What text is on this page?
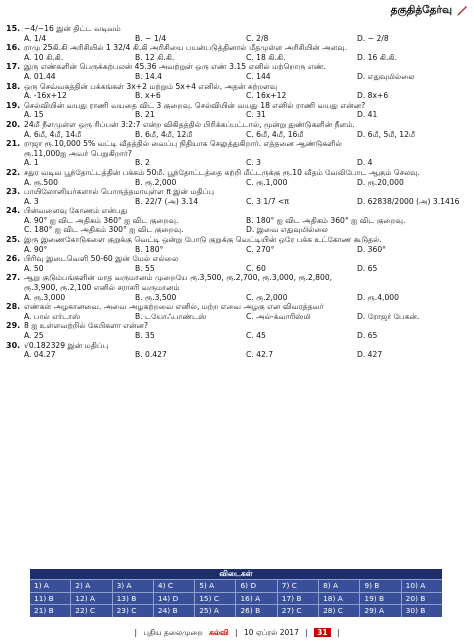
தகுதித்தேர்வு
15. −4/−16 இன் திட்ட வடிவம்
A. 1/4	B. − 1/4	C. 2/8	D. − 2/8
16. ராமு 25கி.கி அரிசியில் 1 32/4 கி.கி அரிசியை பயன்படுத்தினால் மீதமுள்ள அரிசியின் அளவு.
A. 10 கி.கி.	B. 12 கி.கி.	C. 18 கி.கி.	D. 16 கி.கி.
17. இரு எண்களின் பெருக்கற்பலன் 45.36 அவற்றுள் ஒரு எண் 3.15 எனில் மற்றொரு எண்.
A. 01.44	B. 14.4	C. 144	D. எதுவுமில்லை
18. ஒரு செவ்வகத்தின் பக்கங்கள் 3x+2 மற்றும் 5x+4 எனில், அதன் சுற்றளவு
A. -16x+12	B. x+6	C. 16x+12	D. 8x+6
19. செல்வியின் வயது ராணி வயதை விட 3 குறைவு. செல்வியின் வயது 18 எனில் ராணி வயது என்ன?
A. 15	B. 21	C. 31	D. 41
20. 24மீ நீளமுள்ள ஒரு ரிப்பன் 3:2:7 என்ற விகிதத்தில் பிரிக்கப்பட்டால், மூன்று துண்டுகளின் நீளம்.
A. 6மீ, 4மீ, 14மீ	B. 6மீ, 4மீ, 12மீ	C. 6மீ, 4மீ, 16மீ	D. 6மீ, 5மீ, 12மீ
21. ராஜா ரூ.10,000 5% வட்டி வீதத்தில் வைப்பு நிதியாக செலுத்துகிறார். எத்தனை ஆண்டுகளில்
ரூ.11,000ஐ அவர் பெறுகிறார்?
A. 1	B. 2	C. 3	D. 4
22. சதுர வடிவ பூந்தோட்டத்தின் பக்கம் 50மீ. பூந்தோட்டத்தை சுற்றி மீட்டருக்கு ரூ.10 வீதம் வேலிபோட ஆகும் செலவு.
A. ரூ.500	B. ரூ.2,000	C. ரூ.1,000	D. ரூ.20,000
23. பாயிலோனியர்களால் பொருத்தமாயுள்ள π இன் மதிப்பு
A. 3	B. 22/7 (அ) 3.14	C. 3 1/7 <π	D. 62838/2000 (அ) 3.1416
24. பின்வளைவு கோணம் என்பது
A. 90° ஐ விட அதிகம் 360° ஐ விட குறைவு.	B. 180° ஐ விட அதிகம் 360° ஐ விட குறைவு.
C. 180° ஐ விட அதிகம் 300° ஐ விட குறைவு.	D. இவை எதுவுமில்லை
25. இரு இணைகோடுகளை குறுக்கு வெட்டி ஒன்று போடு குறுக்கு வெட்டியின் ஒரே பக்க உட்கோண கூடுதல்.
A. 90°	B. 180°	C. 270°	D. 360°
26. பிரிவு இடைவெளி 50-60 இன் மேல் எல்லை
A. 50	B. 55	C. 60	D. 65
27. ஆறு குடும்பங்களின் மாத வருமானம் முறையே ரூ.3,500, ரூ.2,700, ரூ.3,000, ரூ.2,800,
ரூ.3,900, ரூ.2,100 எனில் சராசரி வருமானம்
A. ரூ.3,000	B. ரூ.3,500	C. ரூ.2,000	D. ரூ.4,000
28. எண்கள் அழகானவை. அவை அழகற்றவை எனில், மற்ற எவை அழகு என விவரத்தவர்
A. பால் எர்டாஸ்	B. டயோஃபாண்டஸ்	C. அல்-க்வாரிஸ்மி	D. ரோஜர் பேகன்.
29. 8 ஐ உள்ளவற்றில் கேபிகளா என்ன?
A. 25	B. 35	C. 45	D. 65
30. √0.182329 இன் மதிப்பு
A. 04.27	B. 0.427	C. 42.7	D. 427
விடைகள்
1) A	2) A	3) A	4) C	5) A	6) D	7) C	8) A	9) B	10) A
11) B	12) A	13) B	14) D	15) C	16) A	17) B	18) A	19) B	20) B
21) B	22) C	23) C	24) B	25) A	26) B	27) C	28) C	29) A	30) B
| புதிய தலைமுறை கல்வி | 10 ஏப்ரல் 2017 | 31 |
